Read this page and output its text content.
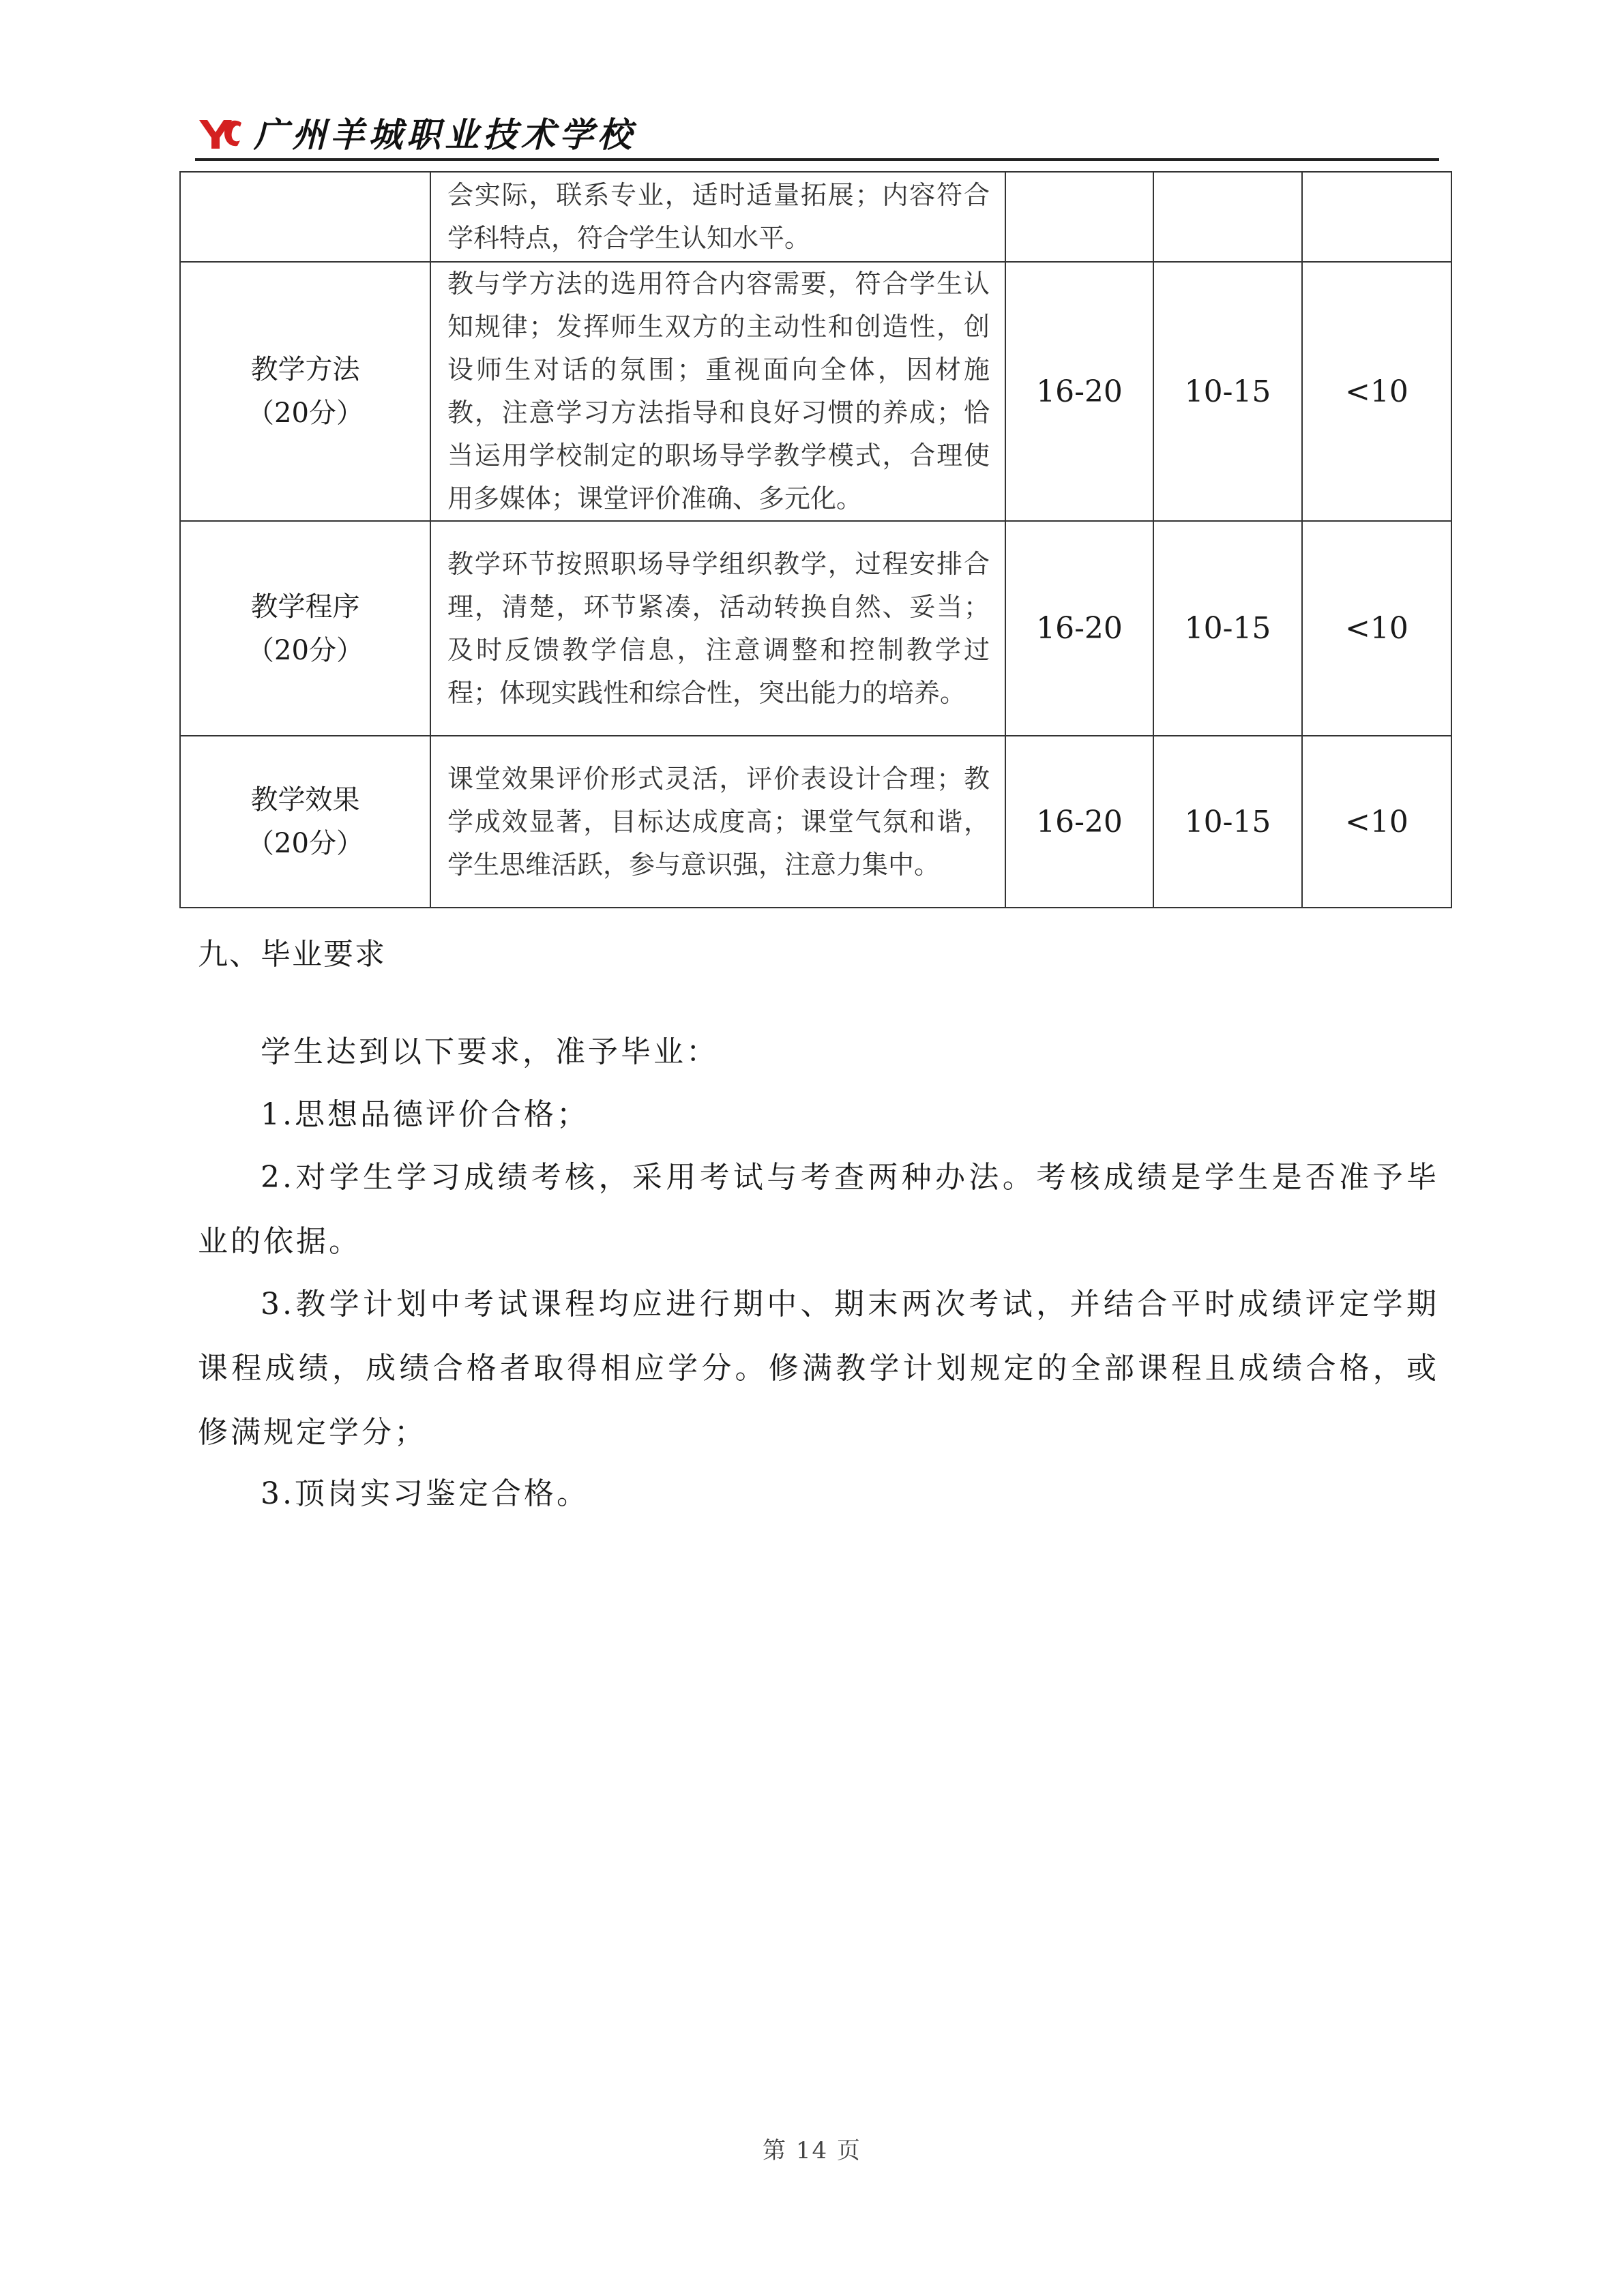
广州羊城职业技术学校
	会实际，联系专业，适时适量拓展；内容符合学科特点，符合学生认知水平。			

教学方法
（20分）	教与学方法的选用符合内容需要，符合学生认知规律；发挥师生双方的主动性和创造性，创设师生对话的氛围；重视面向全体，因材施教，注意学习方法指导和良好习惯的养成；恰当运用学校制定的职场导学教学模式，合理使用多媒体；课堂评价准确、多元化。	16-20	10-15	<10

教学程序
（20分）	教学环节按照职场导学组织教学，过程安排合理，清楚，环节紧凑，活动转换自然、妥当；及时反馈教学信息，注意调整和控制教学过程；体现实践性和综合性，突出能力的培养。	16-20	10-15	<10

教学效果
（20分）	课堂效果评价形式灵活，评价表设计合理；教学成效显著，目标达成度高；课堂气氛和谐，学生思维活跃，参与意识强，注意力集中。	16-20	10-15	<10
九、毕业要求

学生达到以下要求，准予毕业：

1.思想品德评价合格；

2.对学生学习成绩考核，采用考试与考查两种办法。考核成绩是学生是否准予毕业的依据。

3.教学计划中考试课程均应进行期中、期末两次考试，并结合平时成绩评定学期课程成绩，成绩合格者取得相应学分。修满教学计划规定的全部课程且成绩合格，或修满规定学分；

3.顶岗实习鉴定合格。

第 14 页
